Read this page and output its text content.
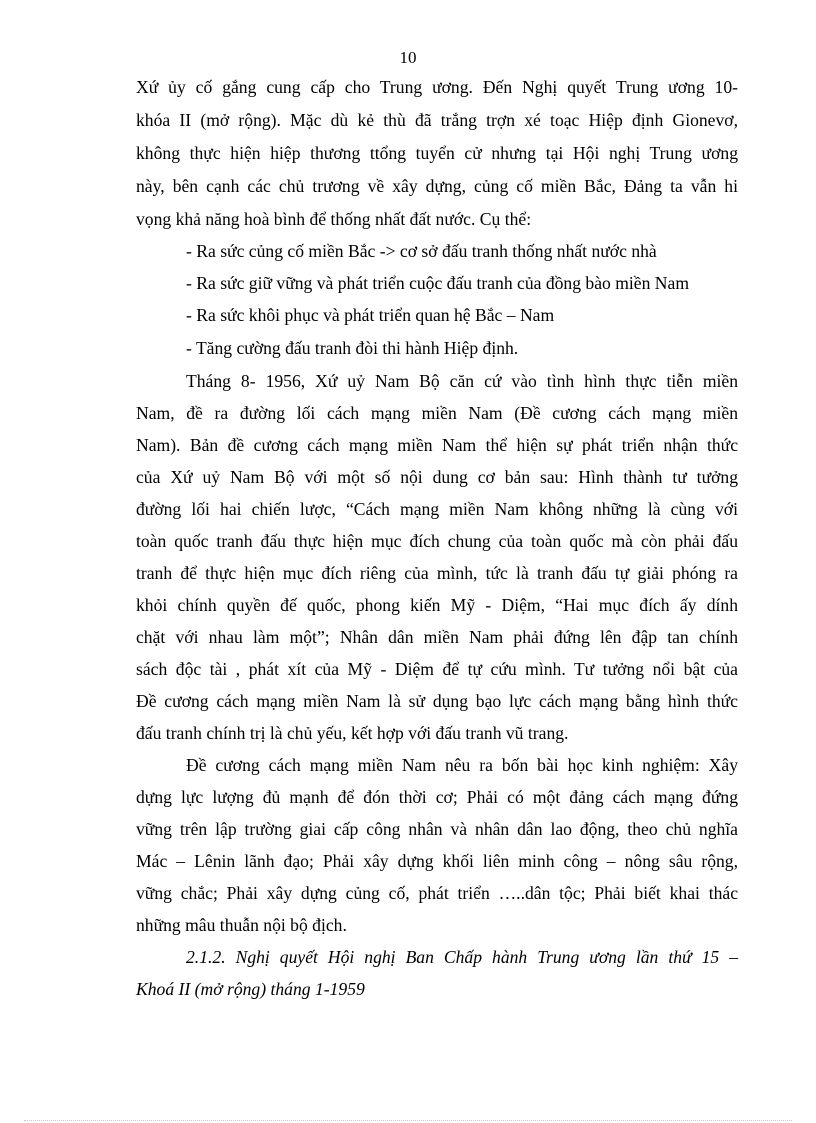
10
Xứ ủy cố gắng cung cấp cho Trung ương. Đến Nghị quyết Trung ương 10-
khóa II (mở rộng). Mặc dù kẻ thù đã trắng trợn xé toạc Hiệp định Gionevơ,
không thực hiện hiệp thương ttổng tuyển cử nhưng tại Hội nghị Trung ương
này, bên cạnh các chủ trương về xây dựng, củng cố miền Bắc, Đảng ta vẫn hi
vọng khả năng hoà bình để thống nhất đất nước. Cụ thể:
- Ra sức củng cố miền Bắc -> cơ sở đấu tranh thống nhất nước nhà
- Ra sức giữ vững và phát triển cuộc đấu tranh của đồng bào miền Nam
- Ra sức khôi phục và phát triển quan hệ Bắc – Nam
- Tăng cường đấu tranh đòi thi hành Hiệp định.
Tháng 8- 1956, Xứ uỷ Nam Bộ căn cứ vào tình hình thực tiễn miền
Nam, đề ra đường lối cách mạng miền Nam (Đề cương cách mạng miền
Nam). Bản đề cương cách mạng miền Nam thể hiện sự phát triển nhận thức
của Xứ uỷ Nam Bộ với một số nội dung cơ bản sau: Hình thành tư tưởng
đường lối hai chiến lược, “Cách mạng miền Nam không những là cùng với
toàn quốc tranh đấu thực hiện mục đích chung của toàn quốc mà còn phải đấu
tranh để thực hiện mục đích riêng của mình, tức là tranh đấu tự giải phóng ra
khỏi chính quyền đế quốc, phong kiến Mỹ - Diệm, “Hai mục đích ấy dính
chặt với nhau làm một”; Nhân dân miền Nam phải đứng lên đập tan chính
sách độc tài , phát xít của Mỹ - Diệm để tự cứu mình. Tư tưởng nổi bật của
Đề cương cách mạng miền Nam là sử dụng bạo lực cách mạng bằng hình thức
đấu tranh chính trị là chủ yếu, kết hợp với đấu tranh vũ trang.
Đề cương cách mạng miền Nam nêu ra bốn bài học kinh nghiệm: Xây
dựng lực lượng đủ mạnh để đón thời cơ; Phải có một đảng cách mạng đứng
vững trên lập trường giai cấp công nhân và nhân dân lao động, theo chủ nghĩa
Mác – Lênin lãnh đạo; Phải xây dựng khối liên minh công – nông sâu rộng,
vững chắc; Phải xây dựng củng cố, phát triển …..dân tộc; Phải biết khai thác
những mâu thuẫn nội bộ địch.
2.1.2. Nghị quyết Hội nghị Ban Chấp hành Trung ương lần thứ 15 –
Khoá II (mở rộng) tháng 1-1959
